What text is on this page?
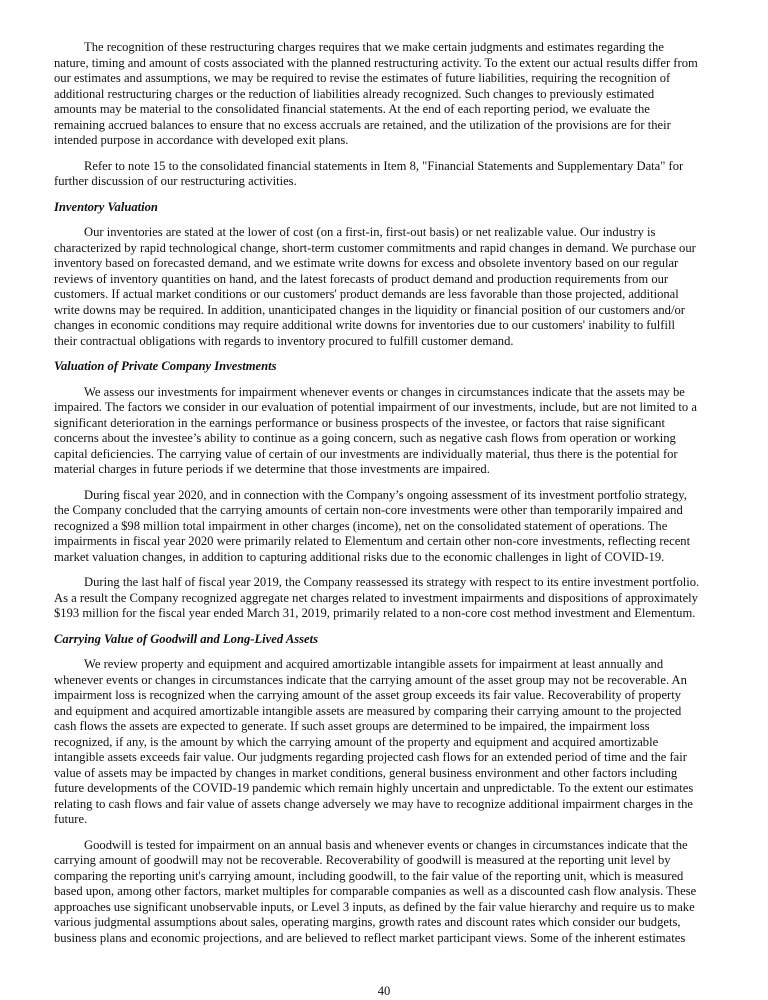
The recognition of these restructuring charges requires that we make certain judgments and estimates regarding the
nature, timing and amount of costs associated with the planned restructuring activity. To the extent our actual results differ from
our estimates and assumptions, we may be required to revise the estimates of future liabilities, requiring the recognition of
additional restructuring charges or the reduction of liabilities already recognized. Such changes to previously estimated
amounts may be material to the consolidated financial statements. At the end of each reporting period, we evaluate the
remaining accrued balances to ensure that no excess accruals are retained, and the utilization of the provisions are for their
intended purpose in accordance with developed exit plans.
Refer to note 15 to the consolidated financial statements in Item 8, "Financial Statements and Supplementary Data" for
further discussion of our restructuring activities.
Inventory Valuation
Our inventories are stated at the lower of cost (on a first-in, first-out basis) or net realizable value. Our industry is
characterized by rapid technological change, short-term customer commitments and rapid changes in demand. We purchase our
inventory based on forecasted demand, and we estimate write downs for excess and obsolete inventory based on our regular
reviews of inventory quantities on hand, and the latest forecasts of product demand and production requirements from our
customers. If actual market conditions or our customers' product demands are less favorable than those projected, additional
write downs may be required. In addition, unanticipated changes in the liquidity or financial position of our customers and/or
changes in economic conditions may require additional write downs for inventories due to our customers' inability to fulfill
their contractual obligations with regards to inventory procured to fulfill customer demand.
Valuation of Private Company Investments
We assess our investments for impairment whenever events or changes in circumstances indicate that the assets may be
impaired. The factors we consider in our evaluation of potential impairment of our investments, include, but are not limited to a
significant deterioration in the earnings performance or business prospects of the investee, or factors that raise significant
concerns about the investee’s ability to continue as a going concern, such as negative cash flows from operation or working
capital deficiencies. The carrying value of certain of our investments are individually material, thus there is the potential for
material charges in future periods if we determine that those investments are impaired.
During fiscal year 2020, and in connection with the Company’s ongoing assessment of its investment portfolio strategy,
the Company concluded that the carrying amounts of certain non-core investments were other than temporarily impaired and
recognized a $98 million total impairment in other charges (income), net on the consolidated statement of operations. The
impairments in fiscal year 2020 were primarily related to Elementum and certain other non-core investments, reflecting recent
market valuation changes, in addition to capturing additional risks due to the economic challenges in light of COVID-19.
During the last half of fiscal year 2019, the Company reassessed its strategy with respect to its entire investment portfolio.
As a result the Company recognized aggregate net charges related to investment impairments and dispositions of approximately
$193 million for the fiscal year ended March 31, 2019, primarily related to a non-core cost method investment and Elementum.
Carrying Value of Goodwill and Long-Lived Assets
We review property and equipment and acquired amortizable intangible assets for impairment at least annually and
whenever events or changes in circumstances indicate that the carrying amount of the asset group may not be recoverable. An
impairment loss is recognized when the carrying amount of the asset group exceeds its fair value. Recoverability of property
and equipment and acquired amortizable intangible assets are measured by comparing their carrying amount to the projected
cash flows the assets are expected to generate. If such asset groups are determined to be impaired, the impairment loss
recognized, if any, is the amount by which the carrying amount of the property and equipment and acquired amortizable
intangible assets exceeds fair value. Our judgments regarding projected cash flows for an extended period of time and the fair
value of assets may be impacted by changes in market conditions, general business environment and other factors including
future developments of the COVID-19 pandemic which remain highly uncertain and unpredictable. To the extent our estimates
relating to cash flows and fair value of assets change adversely we may have to recognize additional impairment charges in the
future.
Goodwill is tested for impairment on an annual basis and whenever events or changes in circumstances indicate that the
carrying amount of goodwill may not be recoverable. Recoverability of goodwill is measured at the reporting unit level by
comparing the reporting unit's carrying amount, including goodwill, to the fair value of the reporting unit, which is measured
based upon, among other factors, market multiples for comparable companies as well as a discounted cash flow analysis. These
approaches use significant unobservable inputs, or Level 3 inputs, as defined by the fair value hierarchy and require us to make
various judgmental assumptions about sales, operating margins, growth rates and discount rates which consider our budgets,
business plans and economic projections, and are believed to reflect market participant views. Some of the inherent estimates
40
